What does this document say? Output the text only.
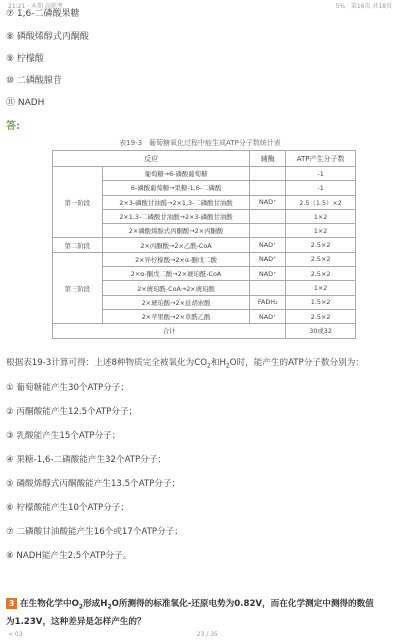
21:21 · 本期 高职考	5% · 第16页 共18页
⑦ 1,6-二磷酸果糖
⑧ 磷酸烯醇式丙酮酸
⑨ 柠檬酸
⑩ 二磷酸腺苷
⑪ NADH
答:
表19-3　葡萄糖氧化过程中能生成ATP分子数统计表
反应		辅酶	ATP产生分子数
第一阶段	葡萄糖→6-磷酸葡萄糖		-1
	6-磷酸葡萄糖→果糖-1,6-二磷酸		-1
	2×3-磷酸甘油醛→2×1,3-二磷酸甘油酸	NAD⁺	2.5（1.5）×2
	2×1,3-二磷酸甘油酸→2×3-磷酸甘油酸		1×2
	2×磷酸烯醇式丙酮酸→2×丙酮酸		1×2
第二阶段	2×丙酮酸→2×乙酰-CoA	NAD⁺	2.5×2
第三阶段	2×异柠檬酸→2×α-酮戊二酸	NAD⁺	2.5×2
	2×α-酮戊二酸→2×琥珀酰-CoA	NAD⁺	2.5×2
	2×琥珀酰-CoA→2×琥珀酸		1×2
	2×琥珀酸→2×延胡索酸	FADH₂	1.5×2
	2×苹果酸→2×草酰乙酸	NAD⁺	2.5×2
合计			30或32
根据表19-3计算可得：上述8种物质完全被氧化为$CO_2$和$H_2O$时，能产生的ATP分子数分别为：
① 葡萄糖能产生30个ATP分子；
② 丙酮酸能产生12.5个ATP分子；
③ 乳酸能产生15个ATP分子；
④ 果糖-1,6-二磷酸能产生32个ATP分子；
⑤ 磷酸烯醇式丙酮酸能产生13.5个ATP分子；
⑥ 柠檬酸能产生10个ATP分子；
⑦ 二磷酸甘油酸能产生16个或17个ATP分子；
⑧ NADH能产生2.5个ATP分子。
3 在生物化学中$O_2$形成$H_2O$所测得的标准氧化-还原电势为0.82V，而在化学测定中测得的数值
为1.23V，这种差异是怎样产生的？
< 03	23 / 35
